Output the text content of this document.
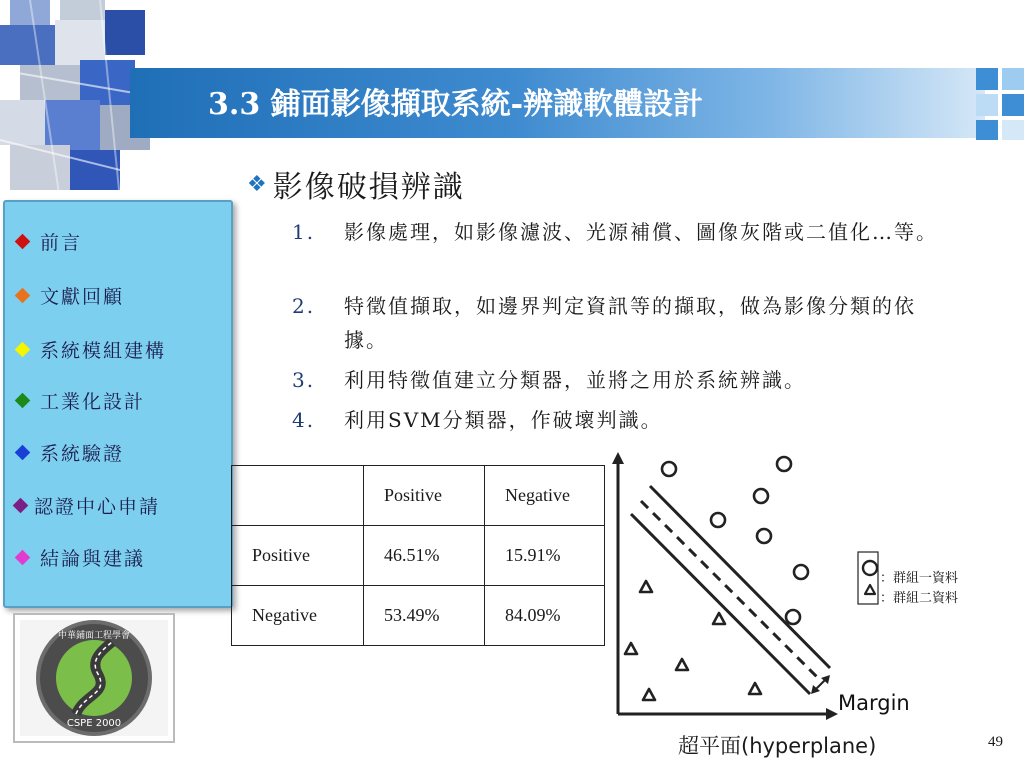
3.3 鋪面影像擷取系統-辨識軟體設計
前言
文獻回顧
系統模組建構
工業化設計
系統驗證
認證中心申請
結論與建議
中華鋪面工程學會
CSPE 2000
❖ 影像破損辨識
1.	影像處理，如影像濾波、光源補償、圖像灰階或二值化…等。
2.	特徵值擷取，如邊界判定資訊等的擷取，做為影像分類的依據。
3.	利用特徵值建立分類器，並將之用於系統辨識。
4.	利用SVM分類器，作破壞判識。
	Positive	Negative
Positive	46.51%	15.91%
Negative	53.49%	84.09%
Margin
：群組一資料
：群組二資料
超平面(hyperplane)	49
